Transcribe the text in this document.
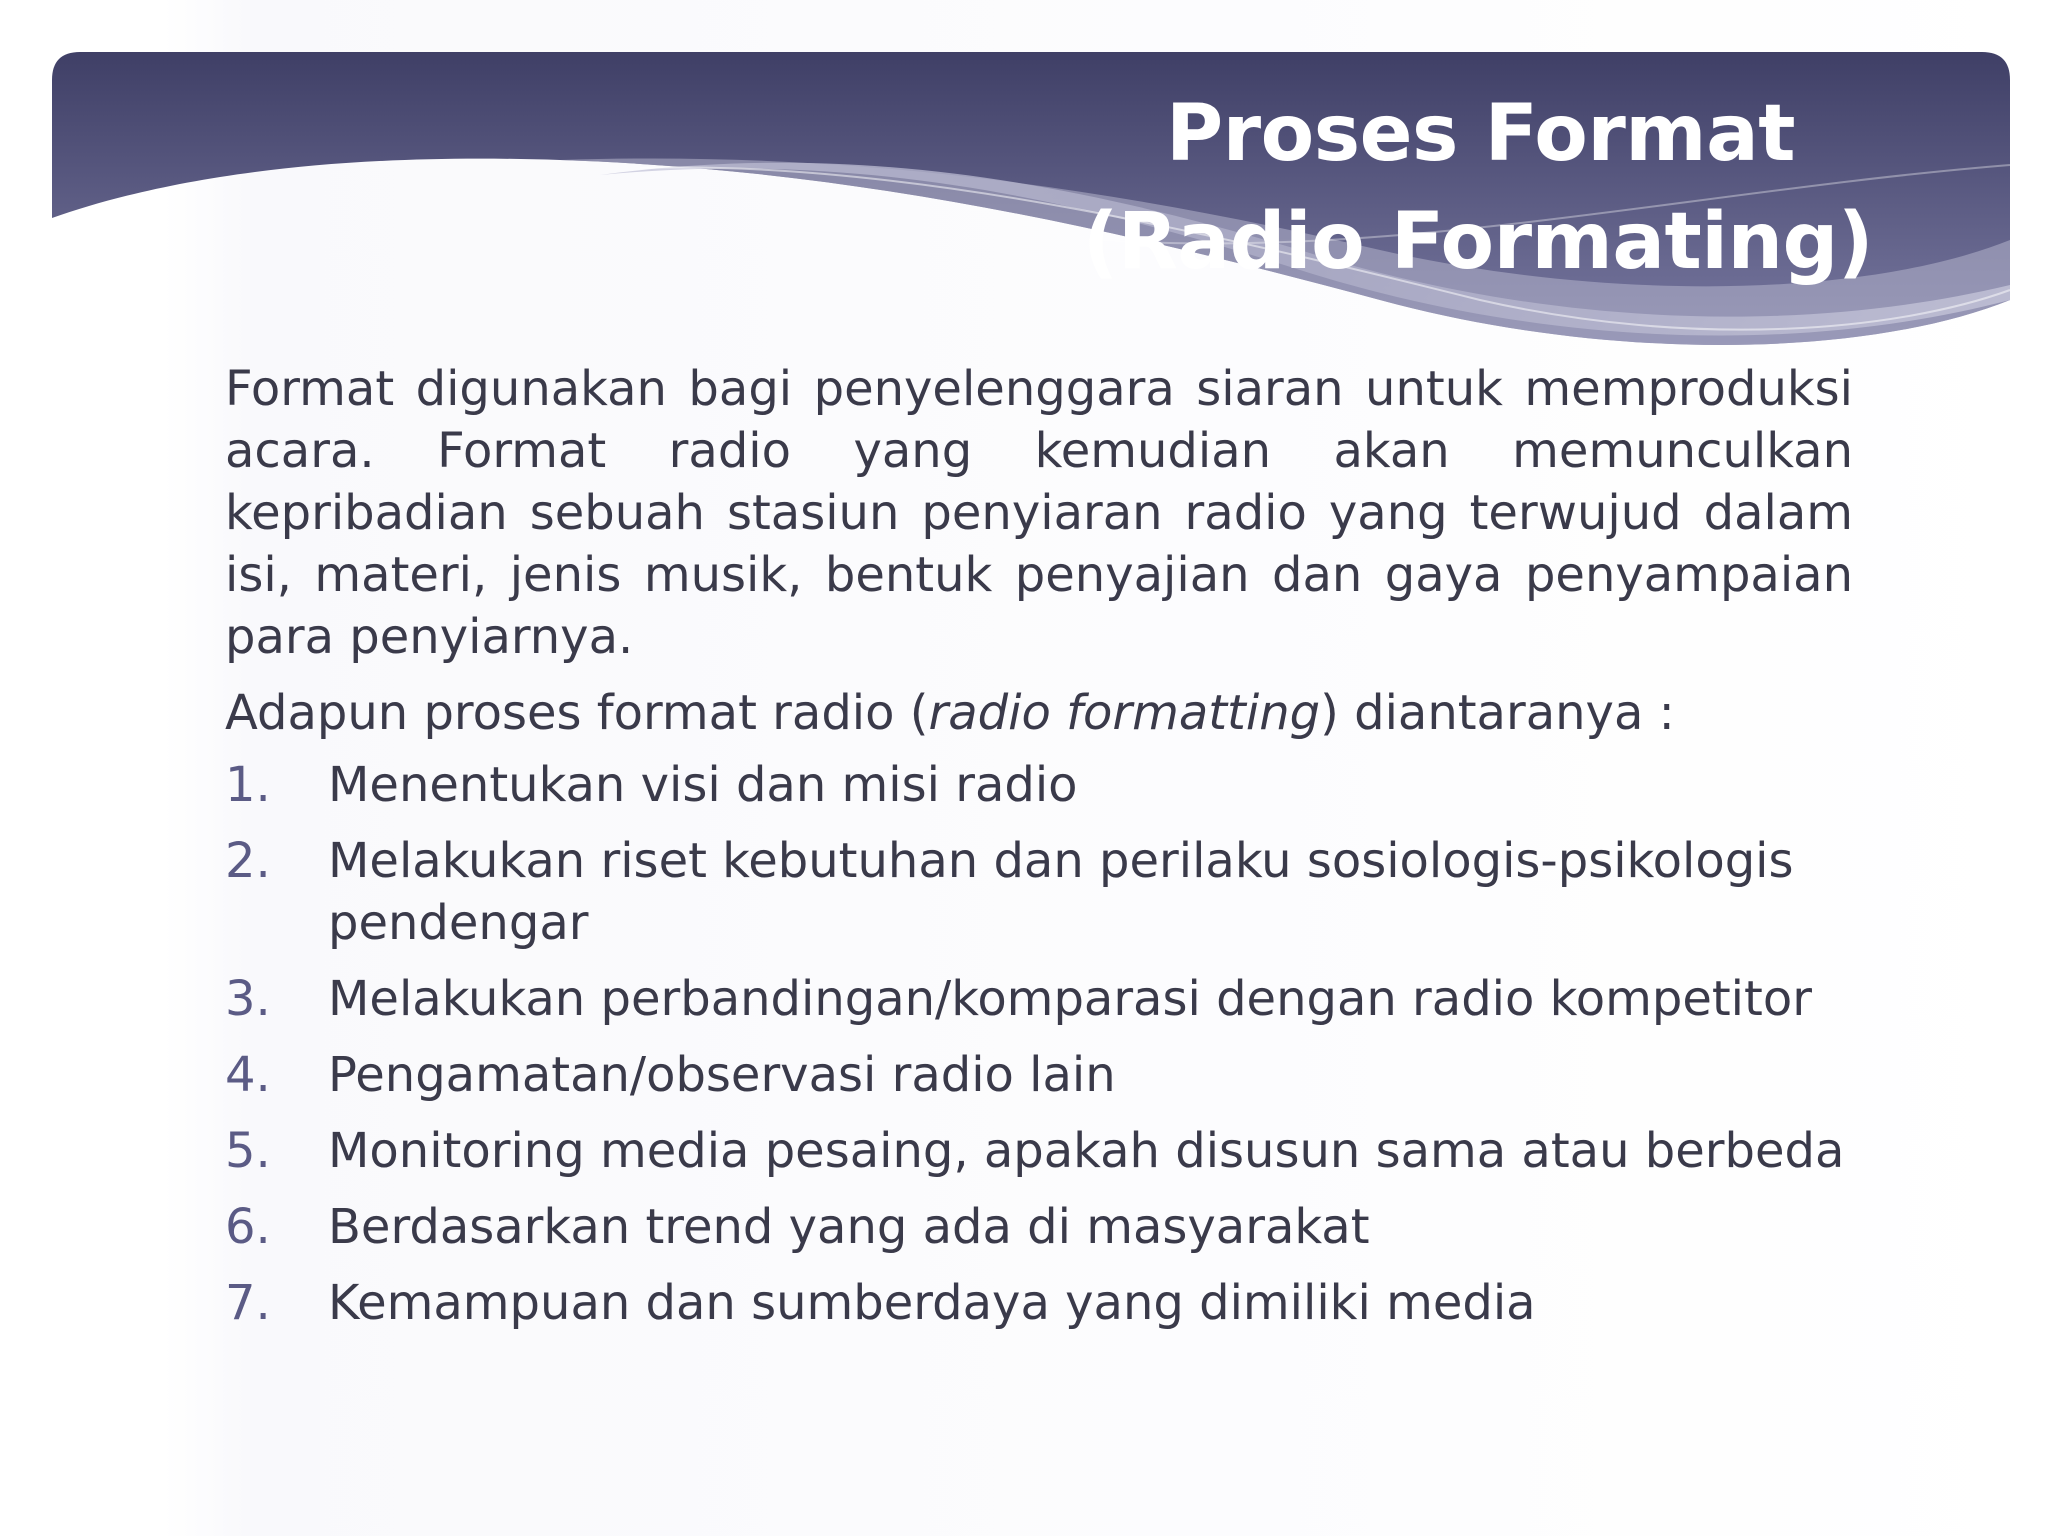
Proses Format
(Radio Formating)

Format digunakan bagi penyelenggara siaran untuk memproduksi acara. Format radio yang kemudian akan memunculkan kepribadian sebuah stasiun penyiaran radio yang terwujud dalam isi, materi, jenis musik, bentuk penyajian dan gaya penyampaian para penyiarnya.

Adapun proses format radio (radio formatting) diantaranya :

1.	Menentukan visi dan misi radio
2.	Melakukan riset kebutuhan dan perilaku sosiologis-psikologis pendengar
3.	Melakukan perbandingan/komparasi dengan radio kompetitor
4.	Pengamatan/observasi radio lain
5.	Monitoring media pesaing, apakah disusun sama atau berbeda
6.	Berdasarkan trend yang ada di masyarakat
7.	Kemampuan dan sumberdaya yang dimiliki media
